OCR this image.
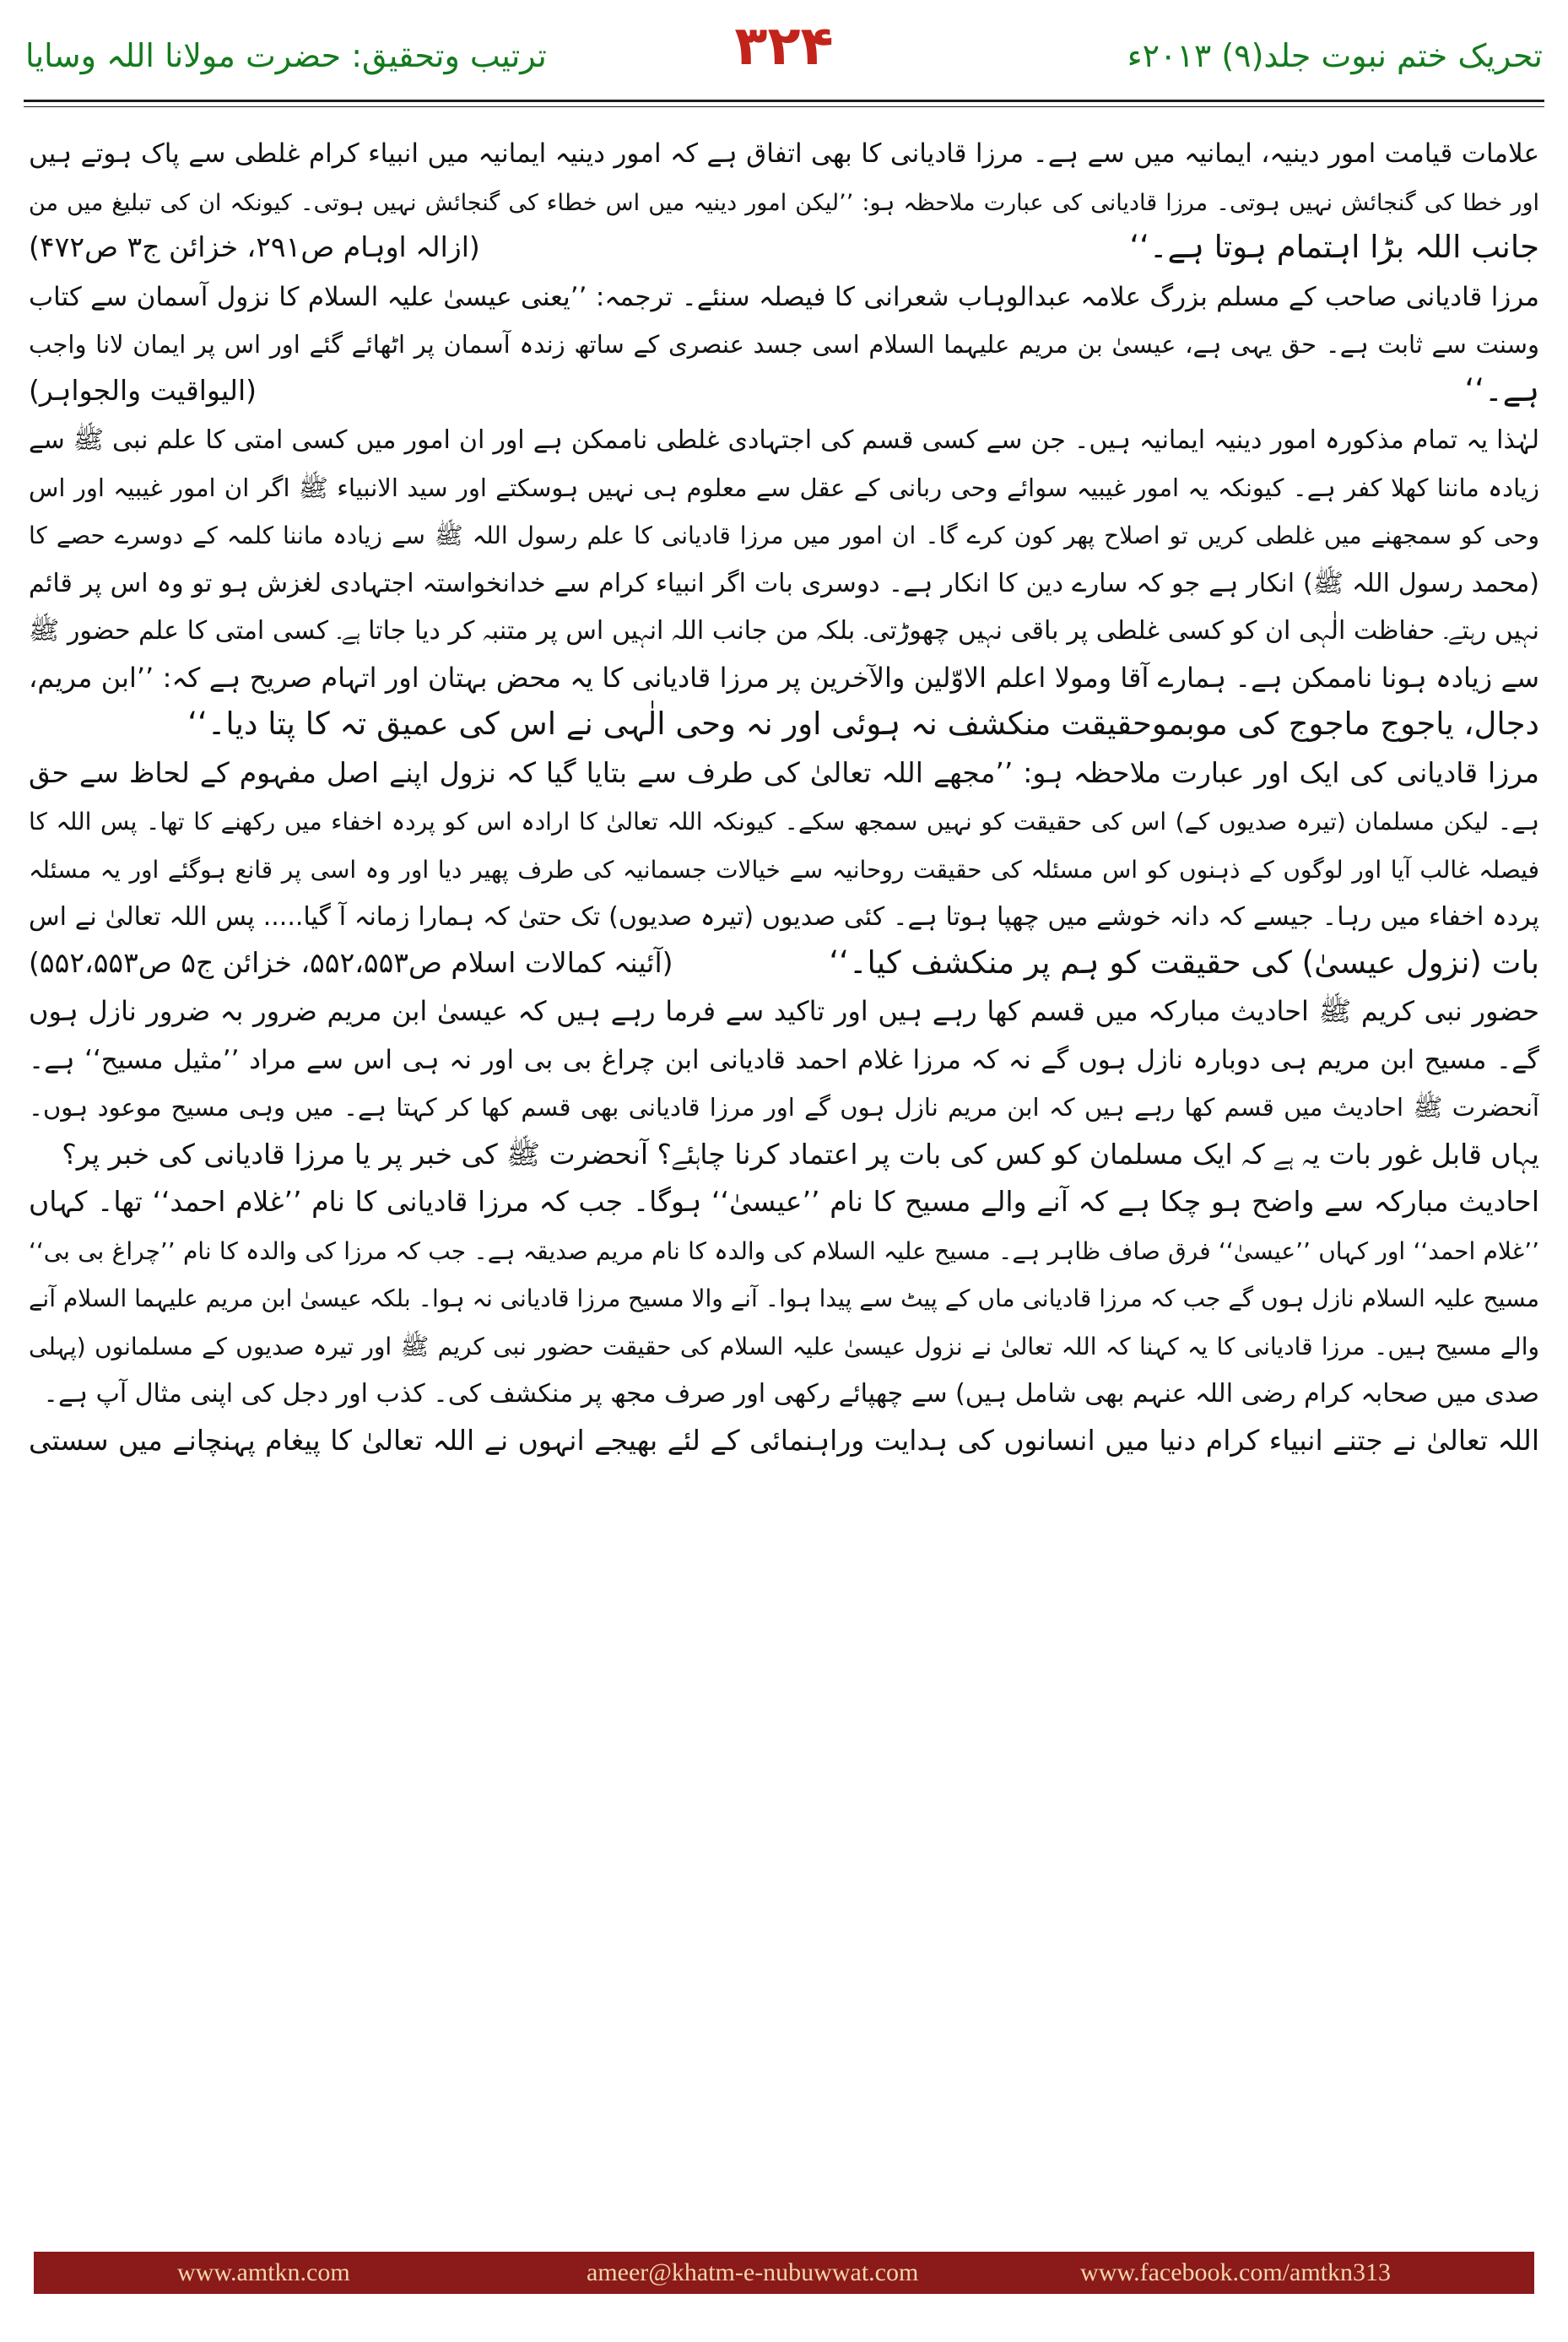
ترتیب وتحقیق: حضرت مولانا اللہ وسایا	۳۲۴	تحریک ختم نبوت جلد(۹) ۲۰۱۳ء
علامات قیامت امور دینیہ، ایمانیہ میں سے ہے۔ مرزا قادیانی کا بھی اتفاق ہے کہ امور دینیہ ایمانیہ میں انبیاء کرام غلطی سے پاک ہوتے ہیں
اور خطا کی گنجائش نہیں ہوتی۔ مرزا قادیانی کی عبارت ملاحظہ ہو: ’’لیکن امور دینیہ میں اس خطاء کی گنجائش نہیں ہوتی۔ کیونکہ ان کی تبلیغ میں من
جانب اللہ بڑا اہتمام ہوتا ہے۔‘‘
(ازالہ اوہام ص۲۹۱، خزائن ج۳ ص۴۷۲)
مرزا قادیانی صاحب کے مسلم بزرگ علامہ عبدالوہاب شعرانی کا فیصلہ سنئے۔ ترجمہ: ’’یعنی عیسیٰ علیہ السلام کا نزول آسمان سے کتاب
وسنت سے ثابت ہے۔ حق یہی ہے، عیسیٰ بن مریم علیہما السلام اسی جسد عنصری کے ساتھ زندہ آسمان پر اٹھائے گئے اور اس پر ایمان لانا واجب
ہے۔‘‘
(الیواقیت والجواہر)
لہٰذا یہ تمام مذکورہ امور دینیہ ایمانیہ ہیں۔ جن سے کسی قسم کی اجتہادی غلطی ناممکن ہے اور ان امور میں کسی امتی کا علم نبی ﷺ سے
زیادہ ماننا کھلا کفر ہے۔ کیونکہ یہ امور غیبیہ سوائے وحی ربانی کے عقل سے معلوم ہی نہیں ہوسکتے اور سید الانبیاء ﷺ اگر ان امور غیبیہ اور اس
وحی کو سمجھنے میں غلطی کریں تو اصلاح پھر کون کرے گا۔ ان امور میں مرزا قادیانی کا علم رسول اللہ ﷺ سے زیادہ ماننا کلمہ کے دوسرے حصے کا
(محمد رسول اللہ ﷺ) انکار ہے جو کہ سارے دین کا انکار ہے۔ دوسری بات اگر انبیاء کرام سے خدانخواستہ اجتہادی لغزش ہو تو وہ اس پر قائم
نہیں رہتے۔ حفاظت الٰہی ان کو کسی غلطی پر باقی نہیں چھوڑتی۔ بلکہ من جانب اللہ انہیں اس پر متنبہ کر دیا جاتا ہے۔ کسی امتی کا علم حضور ﷺ
سے زیادہ ہونا ناممکن ہے۔ ہمارے آقا ومولا اعلم الاوّلین والآخرین پر مرزا قادیانی کا یہ محض بہتان اور اتہام صریح ہے کہ: ’’ابن مریم،
دجال، یاجوج ماجوج کی موبموحقیقت منکشف نہ ہوئی اور نہ وحی الٰہی نے اس کی عمیق تہ کا پتا دیا۔‘‘
مرزا قادیانی کی ایک اور عبارت ملاحظہ ہو: ’’مجھے اللہ تعالیٰ کی طرف سے بتایا گیا کہ نزول اپنے اصل مفہوم کے لحاظ سے حق
ہے۔ لیکن مسلمان (تیرہ صدیوں کے) اس کی حقیقت کو نہیں سمجھ سکے۔ کیونکہ اللہ تعالیٰ کا ارادہ اس کو پردہ اخفاء میں رکھنے کا تھا۔ پس اللہ کا
فیصلہ غالب آیا اور لوگوں کے ذہنوں کو اس مسئلہ کی حقیقت روحانیہ سے خیالات جسمانیہ کی طرف پھیر دیا اور وہ اسی پر قانع ہوگئے اور یہ مسئلہ
پردہ اخفاء میں رہا۔ جیسے کہ دانہ خوشے میں چھپا ہوتا ہے۔ کئی صدیوں (تیرہ صدیوں) تک حتیٰ کہ ہمارا زمانہ آ گیا..... پس اللہ تعالیٰ نے اس
بات (نزول عیسیٰ) کی حقیقت کو ہم پر منکشف کیا۔‘‘
(آئینہ کمالات اسلام ص۵۵۲،۵۵۳، خزائن ج۵ ص۵۵۲،۵۵۳)
حضور نبی کریم ﷺ احادیث مبارکہ میں قسم کھا رہے ہیں اور تاکید سے فرما رہے ہیں کہ عیسیٰ ابن مریم ضرور بہ ضرور نازل ہوں
گے۔ مسیح ابن مریم ہی دوبارہ نازل ہوں گے نہ کہ مرزا غلام احمد قادیانی ابن چراغ بی بی اور نہ ہی اس سے مراد ’’مثیل مسیح‘‘ ہے۔
آنحضرت ﷺ احادیث میں قسم کھا رہے ہیں کہ ابن مریم نازل ہوں گے اور مرزا قادیانی بھی قسم کھا کر کہتا ہے۔ میں وہی مسیح موعود ہوں۔
یہاں قابل غور بات یہ ہے کہ ایک مسلمان کو کس کی بات پر اعتماد کرنا چاہئے؟ آنحضرت ﷺ کی خبر پر یا مرزا قادیانی کی خبر پر؟
احادیث مبارکہ سے واضح ہو چکا ہے کہ آنے والے مسیح کا نام ’’عیسیٰ‘‘ ہوگا۔ جب کہ مرزا قادیانی کا نام ’’غلام احمد‘‘ تھا۔ کہاں
’’غلام احمد‘‘ اور کہاں ’’عیسیٰ‘‘ فرق صاف ظاہر ہے۔ مسیح علیہ السلام کی والدہ کا نام مریم صدیقہ ہے۔ جب کہ مرزا کی والدہ کا نام ’’چراغ بی بی‘‘
مسیح علیہ السلام نازل ہوں گے جب کہ مرزا قادیانی ماں کے پیٹ سے پیدا ہوا۔ آنے والا مسیح مرزا قادیانی نہ ہوا۔ بلکہ عیسیٰ ابن مریم علیہما السلام آنے
والے مسیح ہیں۔ مرزا قادیانی کا یہ کہنا کہ اللہ تعالیٰ نے نزول عیسیٰ علیہ السلام کی حقیقت حضور نبی کریم ﷺ اور تیرہ صدیوں کے مسلمانوں (پہلی
صدی میں صحابہ کرام رضی اللہ عنہم بھی شامل ہیں) سے چھپائے رکھی اور صرف مجھ پر منکشف کی۔ کذب اور دجل کی اپنی مثال آپ ہے۔
اللہ تعالیٰ نے جتنے انبیاء کرام دنیا میں انسانوں کی ہدایت وراہنمائی کے لئے بھیجے انہوں نے اللہ تعالیٰ کا پیغام پہنچانے میں سستی
www.amtkn.com	ameer@khatm-e-nubuwwat.com	www.facebook.com/amtkn313
